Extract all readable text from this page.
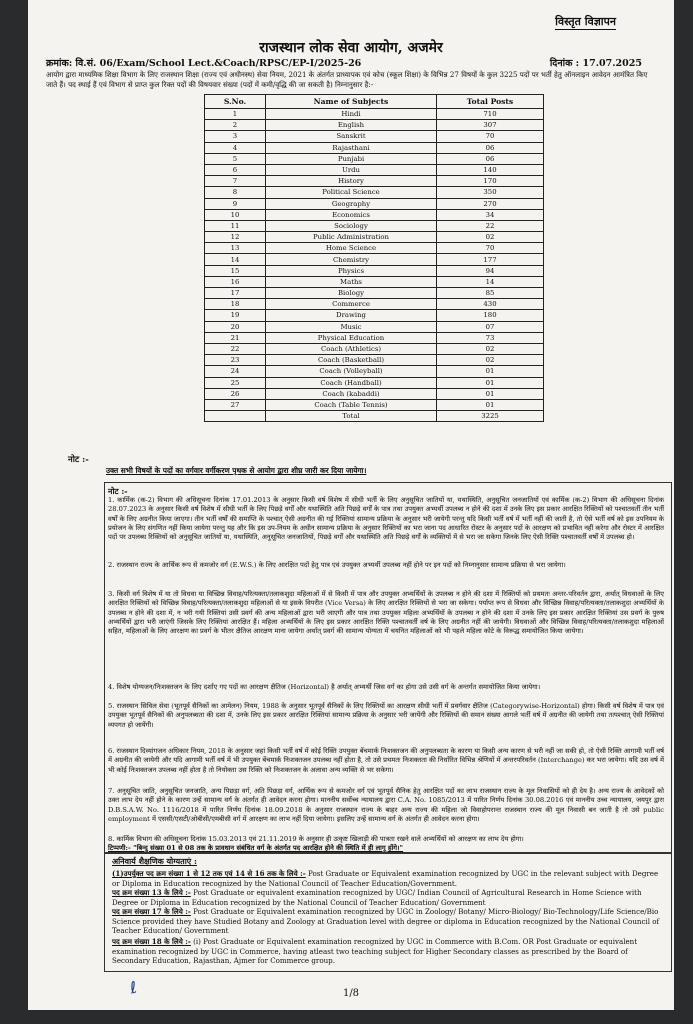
विस्तृत विज्ञापन
राजस्थान लोक सेवा आयोग, अजमेर
क्रमांक: वि.सं. 06/Exam/School Lect.&Coach/RPSC/EP-I/2025-26	दिनांक : 17.07.2025
आयोग द्वारा माध्यमिक शिक्षा विभाग के लिए राजस्थान शिक्षा (राज्य एवं अधीनस्थ) सेवा नियम, 2021 के अंतर्गत प्राध्यापक एवं कोच (स्कूल शिक्षा) के विभिन्न 27 विषयों के कुल 3225 पदों पर भर्ती हेतु ऑनलाइन आवेदन आमंत्रित किए जाते हैं। पद स्थाई हैं एवं विभाग से प्राप्त कुल रिक्त पदों की विषयवार संख्या (पदों में कमी/वृद्धि की जा सकती है) निम्नानुसार है:-
S.No.	Name of Subjects	Total Posts
1	Hindi	710
2	English	307
3	Sanskrit	70
4	Rajasthani	06
5	Punjabi	06
6	Urdu	140
7	History	170
8	Political Science	350
9	Geography	270
10	Economics	34
11	Sociology	22
12	Public Administration	02
13	Home Science	70
14	Chemistry	177
15	Physics	94
16	Maths	14
17	Biology	85
18	Commerce	430
19	Drawing	180
20	Music	07
21	Physical Education	73
22	Coach (Athletics)	02
23	Coach (Basketball)	02
24	Coach (Volleyball)	01
25	Coach (Handball)	01
26	Coach (kabaddi)	01
27	Coach (Table Tennis)	01
	Total	3225
नोट :-
उक्त सभी विषयों के पदों का वर्गवार वर्गीकरण पृथक से आयोग द्वारा शीघ्र जारी कर दिया जायेगा।
नोट :-
1. कार्मिक (क-2) विभाग की अधिसूचना दिनांक 17.01.2013 के अनुसार किसी वर्ष विशेष में सीधी भर्ती के लिए अनुसूचित जातियों या, यथास्थिति, अनुसूचित जनजातियों एवं कार्मिक (क-2) विभाग की अधिसूचना दिनांक 28.07.2023 के अनुसार किसी वर्ष विशेष में सीधी भर्ती के लिए पिछड़े वर्गों और यथास्थिति अति पिछड़े वर्गों के पात्र तथा उपयुक्त अभ्यर्थी उपलब्ध न होने की दशा में उनके लिए इस प्रकार आरक्षित रिक्तियों को पश्चातवर्ती तीन भर्ती वर्षों के लिए अग्रनीत किया जाएगा। तीन भर्ती वर्षों की समाप्ति के पश्चात् ऐसी अग्रनीत की गई रिक्तियां सामान्य प्रक्रिया के अनुसार भरी जायेगी परन्तु यदि किसी भर्ती वर्ष में भर्ती नहीं की जाती है, तो ऐसे भर्ती वर्ष को इस उपनियम के प्रयोजन के लिए संगणित नहीं किया जायेगा परन्तु यह और कि इस उप-नियम के अधीन सामान्य प्रक्रिया के अनुसार रिक्तियों का भरा जाना पद आधारित रोस्टर के अनुसार पदों के आरक्षण को प्रभावित नहीं करेगा और रोस्टर में आरक्षित पदों पर उपलब्ध रिक्तियों को अनुसूचित जातियों या, यथास्थिति, अनुसूचित जनजातियों, पिछड़े वर्गों और यथास्थिति अति पिछड़े वर्गों के व्यक्तियों में से भरा जा सकेगा जिनके लिए ऐसी रिक्ति पश्चातवर्ती वर्षों में उपलब्ध हो।
2. राजस्थान राज्य के आर्थिक रूप से कमजोर वर्ग (E.W.S.) के लिए आरक्षित पदों हेतु पात्र एवं उपयुक्त अभ्यर्थी उपलब्ध नहीं होने पर इन पदों को निम्नानुसार सामान्य प्रक्रिया से भरा जायेगा।
3. किसी वर्ग विशेष में या तो विधवा या विच्छिन्न विवाह/परित्यक्ता/तलाकशुदा महिलाओं में से किसी में पात्र और उपयुक्त अभ्यर्थियों के उपलब्ध न होने की दशा में रिक्तियों को प्रथमतः अन्तर-परिवर्तन द्वारा, अर्थात् विधवाओं के लिए आरक्षित रिक्तियों को विच्छिन्न विवाह/परित्यक्ता/तलाकशुदा महिलाओं से या इसके विपरीत (Vice Versa) के लिए आरक्षित रिक्तियों से भरा जा सकेगा। पर्याप्त रूप से विधवा और विच्छिन्न विवाह/परित्यक्ता/तलाकशुदा अभ्यर्थियों के उपलब्ध न होने की दशा में, न भरी गयी रिक्तियां उसी प्रवर्ग की अन्य महिलाओं द्वारा भरी जाएगी और पात्र तथा उपयुक्त महिला अभ्यर्थियों के उपलब्ध न होने की दशा में उनके लिए इस प्रकार आरक्षित रिक्तियां उस प्रवर्ग के पुरुष अभ्यर्थियों द्वारा भरी जाएंगी जिसके लिए रिक्तियां आरक्षित हैं। महिला अभ्यर्थियों के लिए इस प्रकार आरक्षित रिक्ति पश्चातवर्ती वर्ष के लिए अग्रनीत नहीं की जायेगी। विधवाओं और विच्छिन्न विवाह/परित्यक्ता/तलाकशुदा महिलाओं सहित, महिलाओं के लिए आरक्षण का प्रवर्ग के भीतर क्षैतिज आरक्षण माना जायेगा अर्थात् प्रवर्ग की सामान्य योग्यता में चयनित महिलाओं को भी पहले महिला कोटे के विरूद्ध समायोजित किया जायेगा।
4. विशेष योग्यजन/निःशक्तजन के लिए दर्शाए गए पदों का आरक्षण क्षैतिज (Horizontal) है अर्थात् अभ्यर्थी जिस वर्ग का होगा उसे उसी वर्ग के अन्तर्गत समायोजित किया जायेगा।
5. राजस्थान सिविल सेवा (भूतपूर्व सैनिकों का आमेलन) नियम, 1988 के अनुसार भूतपूर्व सैनिकों के लिए रिक्तियों का आरक्षण सीधी भर्ती में प्रवर्गवार क्षैतिज (Categorywise-Horizontal) होगा। किसी वर्ष विशेष में पात्र एवं उपयुक्त भूतपूर्व सैनिकों की अनुपलब्धता की दशा में, उनके लिए इस प्रकार आरक्षित रिक्तियां सामान्य प्रक्रिया के अनुसार भरी जायेंगी और रिक्तियों की समान संख्या आगले भर्ती वर्ष में अग्रनीत की जायेगी तथा तत्पश्चात् ऐसी रिक्तियां व्यपगत हो जायेंगी।
6. राजस्थान दिव्यांगजन अधिकार नियम, 2018 के अनुसार जहां किसी भर्ती वर्ष में कोई रिक्ति उपयुक्त बेंचमार्क निःशक्तजन की अनुपलब्धता के कारण या किसी अन्य कारण से भरी नहीं जा सकी हो, तो ऐसी रिक्ति आगामी भर्ती वर्ष में अग्रनीत की जायेगी और यदि आगामी भर्ती वर्ष में भी उपयुक्त बेंचमार्क निःशक्तजन उपलब्ध नहीं होता है, तो उसे प्रथमतः निःशक्तता की निर्धारित विभिन्न श्रेणियों में अन्तरपरिवर्तन (Interchange) कर भरा जायेगा। यदि उस वर्ष में भी कोई निःशक्तजन उपलब्ध नहीं होता है तो नियोक्ता उस रिक्ति को निःशक्तजन के अलावा अन्य व्यक्ति से भर सकेगा।
7. अनुसूचित जाति, अनुसूचित जनजाति, अन्य पिछड़ा वर्ग, अति पिछड़ा वर्ग, आर्थिक रूप से कमजोर वर्ग एवं भूतपूर्व सैनिक हेतु आरक्षित पदों का लाभ राजस्थान राज्य के मूल निवासियों को ही देय है। अन्य राज्य के आवेदकों को उक्त लाभ देय नहीं होने के कारण उन्हें सामान्य वर्ग के अंतर्गत ही आवेदन करना होगा। माननीय सर्वोच्च न्यायालय द्वारा C.A. No. 1085/2013 में पारित निर्णय दिनांक 30.08.2016 एवं माननीय उच्च न्यायालय, जयपुर द्वारा D.B.S.A.W. No. 1116/2018 में पारित निर्णय दिनांक 18.09.2018 के अनुसार राजस्थान राज्य के बाहर अन्य राज्य की महिला जो विवाहोपरान्त राजस्थान राज्य की मूल निवासी बन जाती है तो उसे public employment में एससी/एसटी/ओबीसी/एमबीसी वर्ग में आरक्षण का लाभ नहीं दिया जायेगा। इसलिए उन्हें सामान्य वर्ग के अंतर्गत ही आवेदन करना होगा।
8. कार्मिक विभाग की अधिसूचना दिनांक 15.03.2013 एवं 21.11.2019 के अनुसार ही उत्कृष्ट खिलाड़ी की पात्रता रखने वाले अभ्यर्थियों को आरक्षण का लाभ देय होगा।
टिप्पणी:- "बिन्दु संख्या 01 से 08 तक के प्रावधान संबंधित वर्ग के अंतर्गत पद आरक्षित होने की स्थिति में ही लागू होंगे।"
अनिवार्य शैक्षणिक योग्यताएं :
(1)उपर्युक्त पद क्रम संख्या 1 से 12 तक एवं 14 से 16 तक के लिये :- Post Graduate or Equivalent examination recognized by UGC in the relevant subject with Degree or Diploma in Education recognized by the National Council of Teacher Education/Government.
पद क्रम संख्या 13 के लिये :- Post Graduate or equivalent examination recognized by UGC/ Indian Council of Agricultural Research in Home Science with Degree or Diploma in Education recognized by the National Council of Teacher Education/ Government
पद क्रम संख्या 17 के लिये :- Post Graduate or Equivalent examination recognized by UGC in Zoology/ Botany/ Micro-Biology/ Bio-Technology/Life Science/Bio Science provided they have Studied Botany and Zoology at Graduation level with degree or diploma in Education recognized by the National Council of Teacher Education/ Government
पद क्रम संख्या 18 के लिये :- (i) Post Graduate or Equivalent examination recognized by UGC in Commerce with B.Com. OR Post Graduate or equivalent examination recognized by UGC in Commerce, having atleast two teaching subject for Higher Secondary classes as prescribed by the Board of Secondary Education, Rajasthan, Ajmer for Commerce group.
ℓ	1/8
